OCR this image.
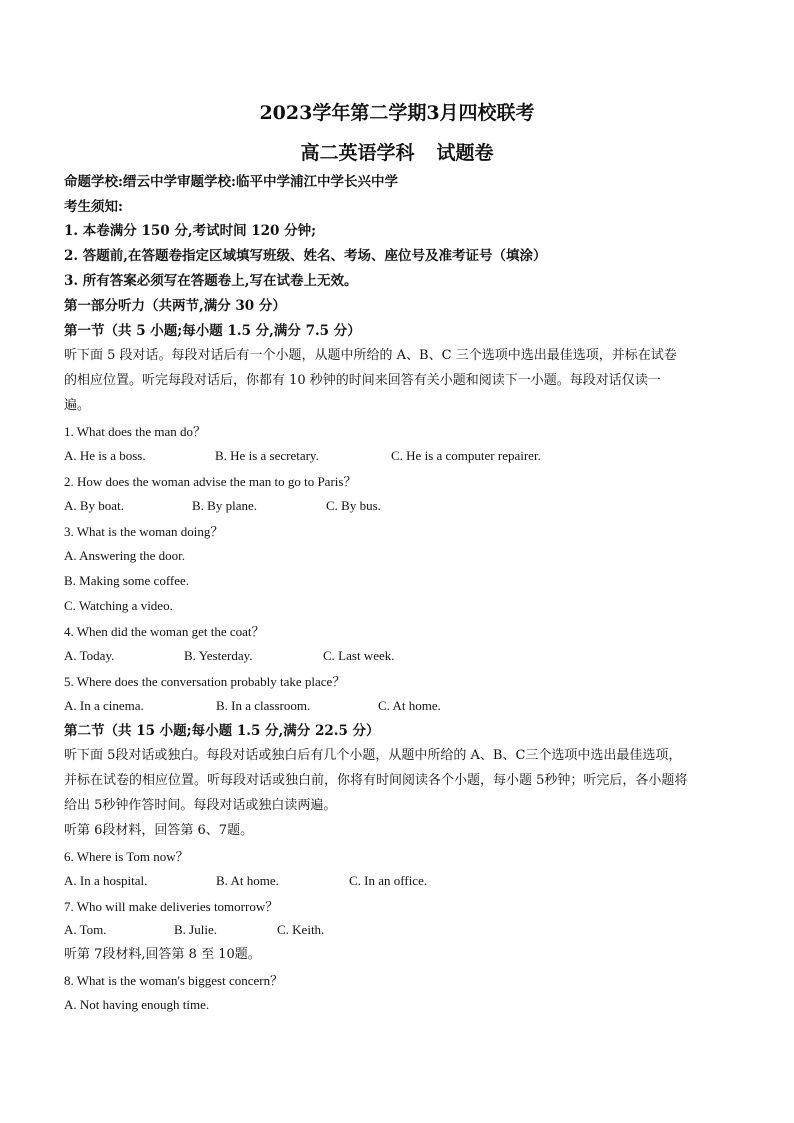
2023学年第二学期3月四校联考
高二英语学科 试题卷
命题学校:缙云中学审题学校:临平中学浦江中学长兴中学
考生须知:
1. 本卷满分 150 分,考试时间 120 分钟;
2. 答题前,在答题卷指定区域填写班级、姓名、考场、座位号及准考证号（填涂）
3. 所有答案必须写在答题卷上,写在试卷上无效。
第一部分听力（共两节,满分 30 分）
第一节（共 5 小题;每小题 1.5 分,满分 7.5 分）
听下面 5 段对话。每段对话后有一个小题，从题中所给的 A、B、C 三个选项中选出最佳选项，并标在试卷
的相应位置。听完每段对话后，你都有 10 秒钟的时间来回答有关小题和阅读下一小题。每段对话仅读一
遍。
1. What does the man do？
A. He is a boss.	B. He is a secretary.	C. He is a computer repairer.
2. How does the woman advise the man to go to Paris？
A. By boat.	B. By plane.	C. By bus.
3. What is the woman doing？
A. Answering the door.
B. Making some coffee.
C. Watching a video.
4. When did the woman get the coat？
A. Today.	B. Yesterday.	C. Last week.
5. Where does the conversation probably take place？
A. In a cinema.	B. In a classroom.	C. At home.
第二节（共 15 小题;每小题 1.5 分,满分 22.5 分）
听下面 5段对话或独白。每段对话或独白后有几个小题，从题中所给的 A、B、C三个选项中选出最佳选项，
并标在试卷的相应位置。听每段对话或独白前，你将有时间阅读各个小题，每小题 5秒钟；听完后，各小题将
给出 5秒钟作答时间。每段对话或独白读两遍。
听第 6段材料，回答第 6、7题。
6. Where is Tom now？
A. In a hospital.	B. At home.	C. In an office.
7. Who will make deliveries tomorrow？
A. Tom.	B. Julie.	C. Keith.
听第 7段材料,回答第 8 至 10题。
8. What is the woman's biggest concern？
A. Not having enough time.
